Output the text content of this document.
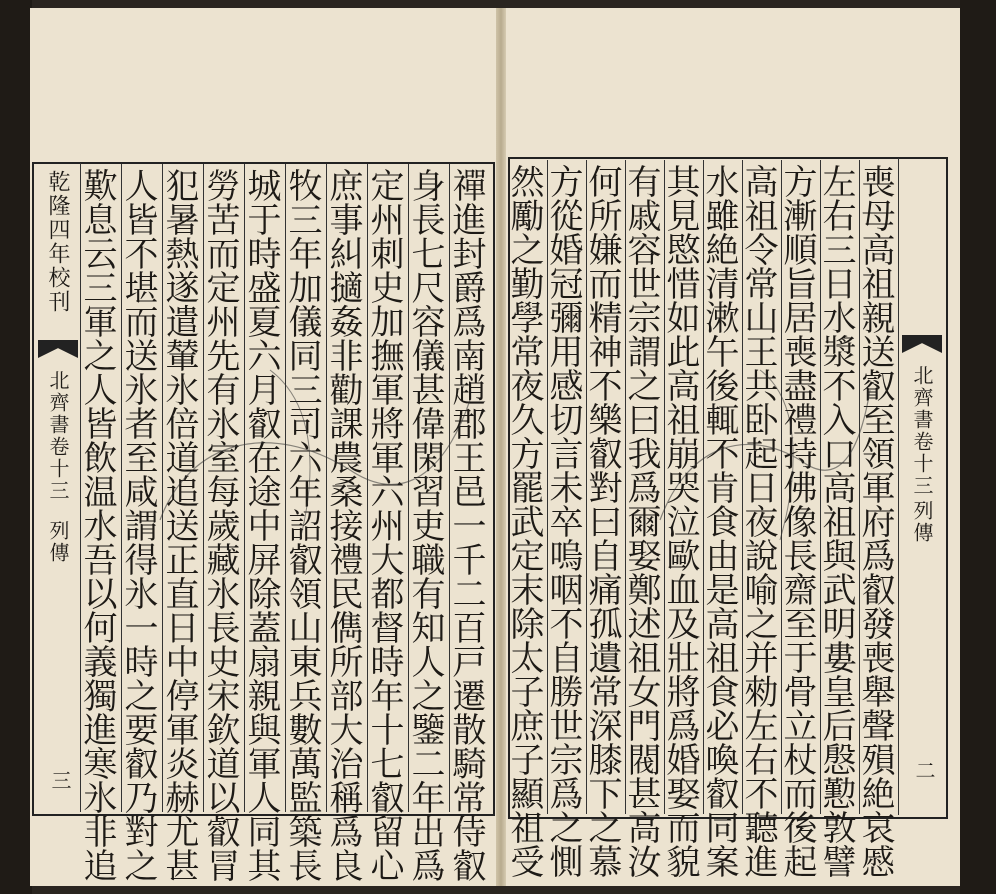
乾隆四年校刊
北齊書卷十三
列傳
三
禪
進
封
爵
爲
南
趙
郡
王
邑
一
千
二
百
戸
遷
散
騎
常
侍
叡
身
長
七
尺
容
儀
甚
偉
閑
習
吏
職
有
知
人
之
鑒
二
年
出
爲
定
州
刺
史
加
撫
軍
將
軍
六
州
大
都
督
時
年
十
七
叡
留
心
庶
事
糾
擿
姦
非
勸
課
農
桑
接
禮
民
儁
所
部
大
治
稱
爲
良
牧
三
年
加
儀
同
三
司
六
年
詔
叡
領
山
東
兵
數
萬
監
築
長
城
于
時
盛
夏
六
月
叡
在
途
中
屏
除
蓋
扇
親
與
軍
人
同
其
勞
苦
而
定
州
先
有
氷
室
每
歲
藏
氷
長
史
宋
欽
道
以
叡
冐
犯
暑
熱
遂
遣
輦
氷
倍
道
追
送
正
直
日
中
停
軍
炎
赫
尤
甚
人
皆
不
堪
而
送
氷
者
至
咸
謂
得
氷
一
時
之
要
叡
乃
對
之
歎
息
云
三
軍
之
人
皆
飲
温
水
吾
以
何
義
獨
進
寒
氷
非
追
北齊書卷十三
列傳
二
喪
母
高
祖
親
送
叡
至
領
軍
府
爲
叡
發
喪
舉
聲
殞
絶
哀
慼
左
右
三
日
水
漿
不
入
口
高
祖
與
武
明
婁
皇
后
慇
懃
敦
譬
方
漸
順
旨
居
喪
盡
禮
持
佛
像
長
齋
至
于
骨
立
杖
而
後
起
高
祖
令
常
山
王
共
卧
起
日
夜
說
喻
之
并
勑
左
右
不
聽
進
水
雖
絶
清
漱
午
後
輒
不
肯
食
由
是
高
祖
食
必
喚
叡
同
案
其
見
愍
惜
如
此
高
祖
崩
哭
泣
歐
血
及
壯
將
爲
婚
娶
而
貌
有
戚
容
世
宗
謂
之
曰
我
爲
爾
娶
鄭
述
祖
女
門
閥
甚
高
汝
何
所
嫌
而
精
神
不
樂
叡
對
曰
自
痛
孤
遺
常
深
膝
下
之
慕
方
從
婚
冠
彌
用
感
切
言
未
卒
嗚
咽
不
自
勝
世
宗
爲
之
惻
然
勵
之
勤
學
常
夜
久
方
罷
武
定
末
除
太
子
庶
子
顯
祖
受
